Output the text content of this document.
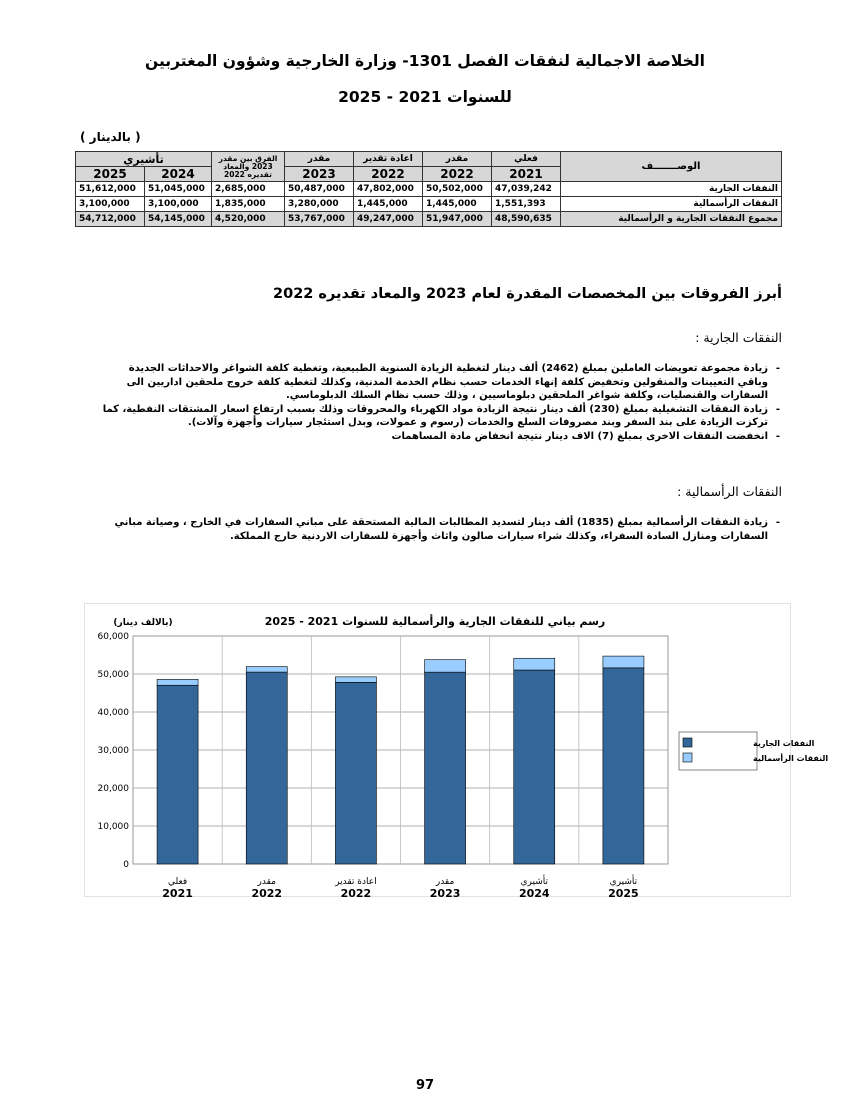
الخلاصة الاجمالية لنفقات الفصل 1301- وزارة الخارجية وشؤون المغتربين
للسنوات 2021 - 2025
( بالدينار )
تأشيري		الفرق بين مقدر 2023 والمعاد تقديره 2022	مقدر	اعادة تقدير	مقدر	فعلي	الوصـــــــف
2025	2024		2023	2022	2022	2021	
51,612,000	51,045,000	2,685,000	50,487,000	47,802,000	50,502,000	47,039,242	النفقات الجارية
3,100,000	3,100,000	1,835,000	3,280,000	1,445,000	1,445,000	1,551,393	النفقات الرأسمالية
54,712,000	54,145,000	4,520,000	53,767,000	49,247,000	51,947,000	48,590,635	مجموع النفقات الجارية و الرأسمالية
أبرز الفروقات بين المخصصات المقدرة لعام 2023 والمعاد تقديره 2022
النفقات الجارية :
- زيادة مجموعة تعويضات العاملين بمبلغ (2462) ألف دينار لتغطية الزيادة السنوية الطبيعية، وتغطية كلفة الشواغر والاحداثات الجديدة وباقي التعيينات والمنقولين وتخفيض كلفة إنهاء الخدمات حسب نظام الخدمة المدنية، وكذلك لتغطية كلفة خروج ملحقين اداريين الى السفارات والقنصليات، وكلفة شواغر الملحقين دبلوماسيين ، وذلك حسب نظام السلك الدبلوماسي.
- زيادة النفقات التشغيلية بمبلغ (230) ألف دينار نتيجة الزيادة مواد الكهرباء والمحروقات وذلك بسبب ارتفاع اسعار المشتقات النفطية، كما تركزت الزيادة على بند السفر وبند مصروفات السلع والخدمات (رسوم و عمولات، وبدل استئجار سيارات وأجهزة وآلات).
- انخفضت النفقات الاخرى بمبلغ (7) الاف دينار نتيجة انخفاض مادة المساهمات
النفقات الرأسمالية :
- زيادة النفقات الرأسمالية بمبلغ (1835) ألف دينار لتسديد المطالبات المالية المستحقة على مباني السفارات في الخارج ، وصيانة مباني السفارات ومنازل السادة السفراء، وكذلك شراء سيارات صالون واثاث وأجهزة للسفارات الاردنية خارج المملكة.
رسم بياني للنفقات الجارية والرأسمالية للسنوات 2021 - 2025
(بالالف دينار)
0
10,000
20,000
30,000
40,000
50,000
60,000
فعلي
2021
مقدر
2022
اعادة تقدير
2022
مقدر
2023
تأشيري
2024
تأشيري
2025
النفقات الجارية
النفقات الرأسمالية
97
